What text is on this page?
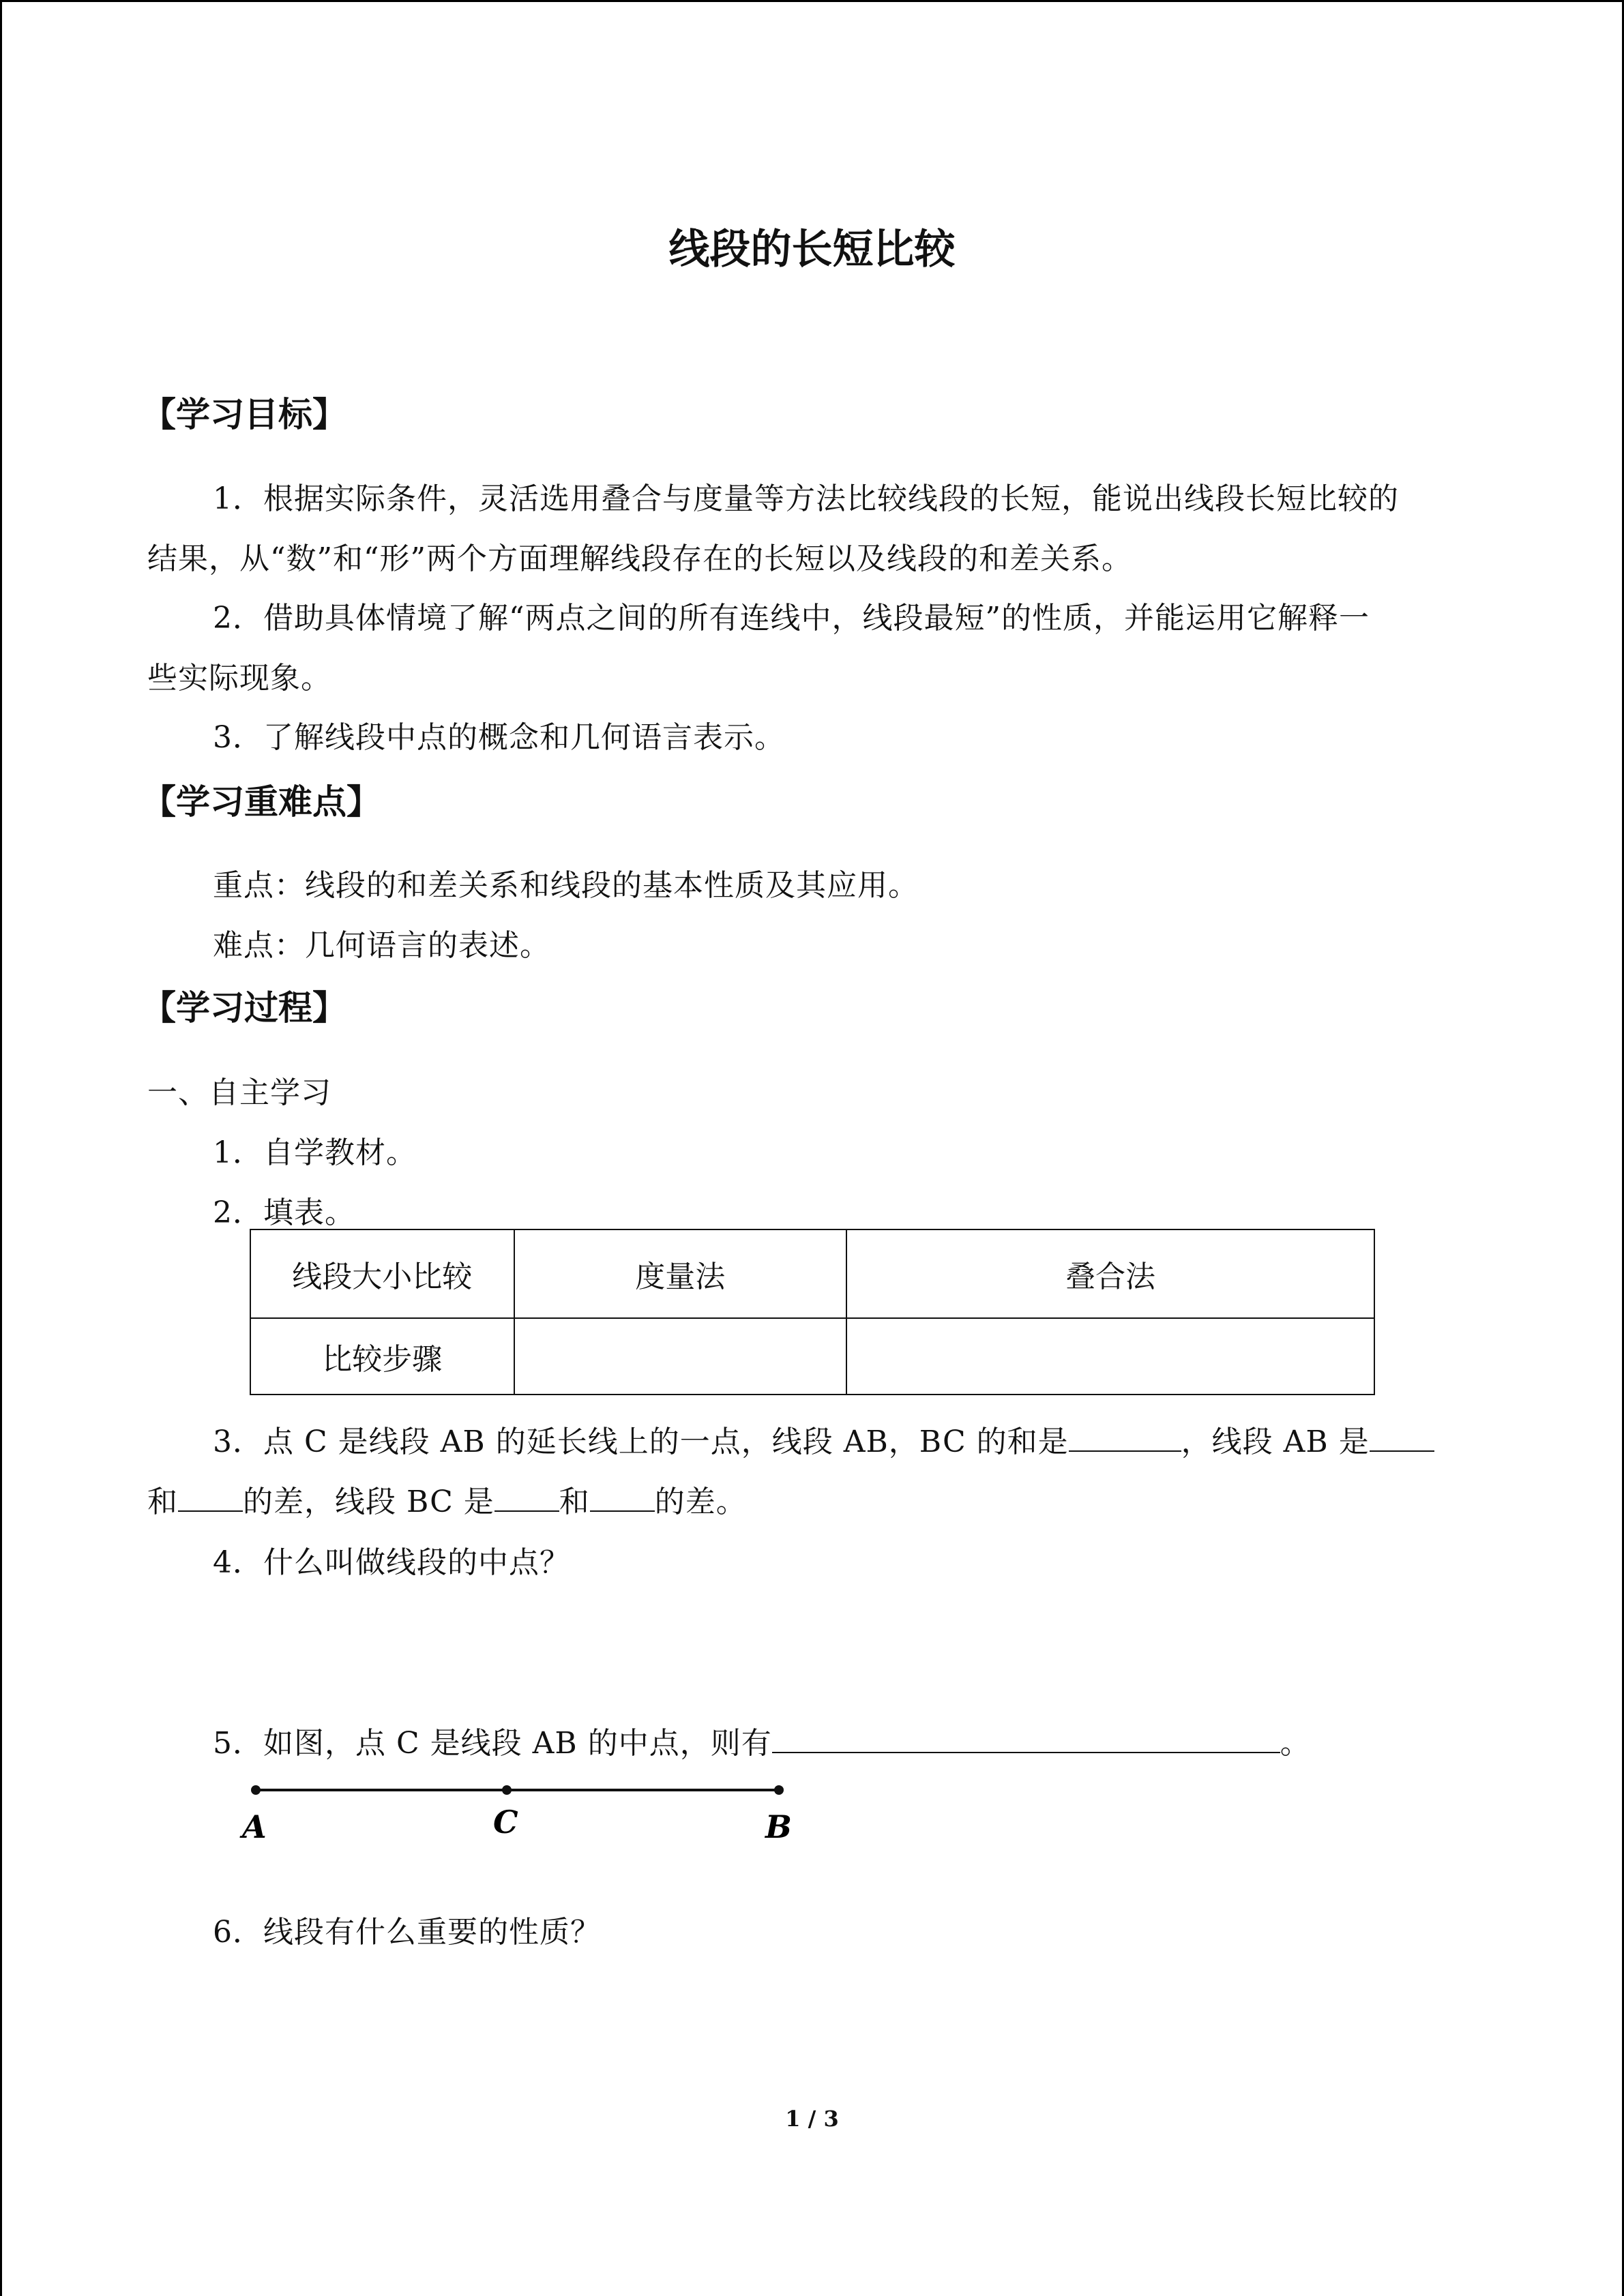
线段的长短比较
【学习目标】
1．根据实际条件，灵活选用叠合与度量等方法比较线段的长短，能说出线段长短比较的
结果，从“数”和“形”两个方面理解线段存在的长短以及线段的和差关系。
2．借助具体情境了解“两点之间的所有连线中，线段最短”的性质，并能运用它解释一
些实际现象。
3．了解线段中点的概念和几何语言表示。
【学习重难点】
重点：线段的和差关系和线段的基本性质及其应用。
难点：几何语言的表述。
【学习过程】
一、自主学习
1．自学教材。
2．填表。
线段大小比较	度量法	叠合法
比较步骤		
3．点 C 是线段 AB 的延长线上的一点，线段 AB，BC 的和是	，线段 AB 是
和 的差，线段 BC 是 和 的差。
4．什么叫做线段的中点？
5．如图，点 C 是线段 AB 的中点，则有	。
A	C	B
6．线段有什么重要的性质？
1 / 3
